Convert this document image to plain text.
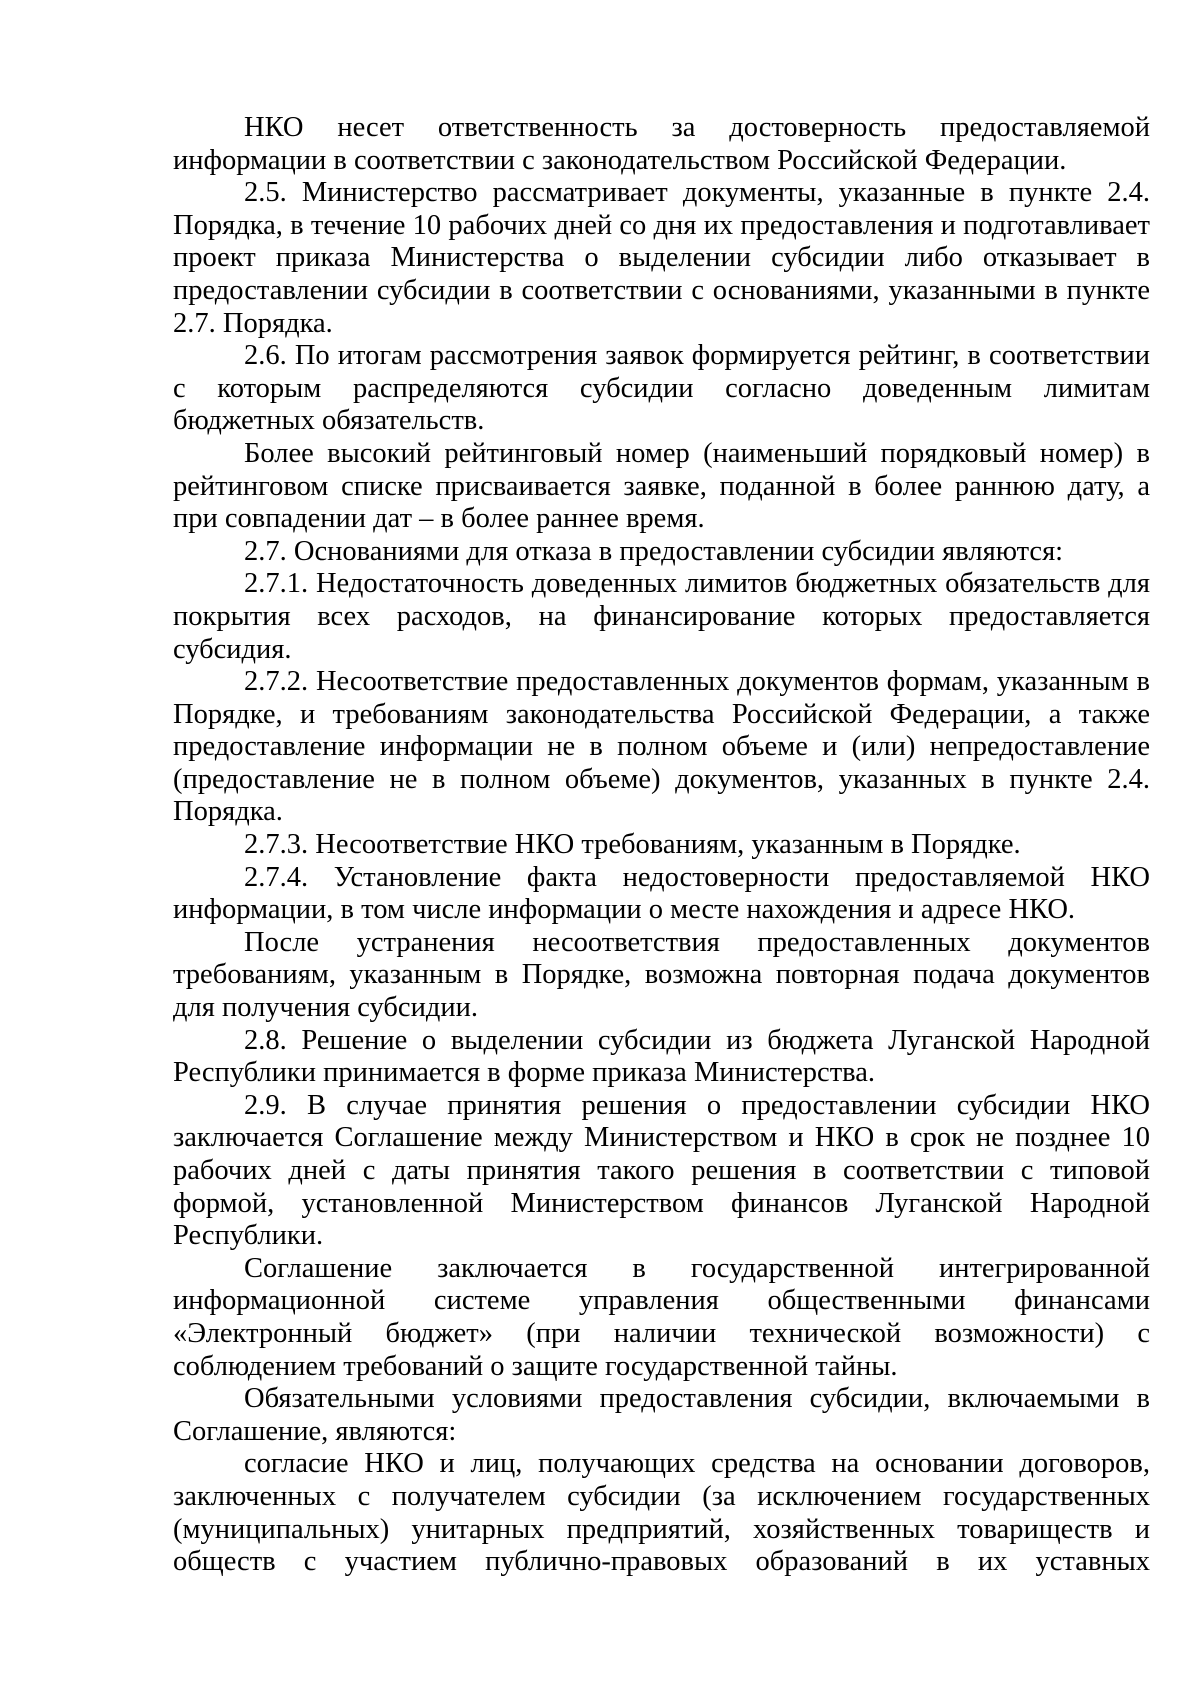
НКО несет ответственность за достоверность предоставляемой информации в соответствии с законодательством Российской Федерации.

2.5. Министерство рассматривает документы, указанные в пункте 2.4. Порядка, в течение 10 рабочих дней со дня их предоставления и подготавливает проект приказа Министерства о выделении субсидии либо отказывает в предоставлении субсидии в соответствии с основаниями, указанными в пункте 2.7. Порядка.

2.6. По итогам рассмотрения заявок формируется рейтинг, в соответствии с которым распределяются субсидии согласно доведенным лимитам бюджетных обязательств.

Более высокий рейтинговый номер (наименьший порядковый номер) в рейтинговом списке присваивается заявке, поданной в более раннюю дату, а при совпадении дат – в более раннее время.

2.7. Основаниями для отказа в предоставлении субсидии являются:

2.7.1. Недостаточность доведенных лимитов бюджетных обязательств для покрытия всех расходов, на финансирование которых предоставляется субсидия.

2.7.2. Несоответствие предоставленных документов формам, указанным в Порядке, и требованиям законодательства Российской Федерации, а также предоставление информации не в полном объеме и (или) непредоставление (предоставление не в полном объеме) документов, указанных в пункте 2.4. Порядка.

2.7.3. Несоответствие НКО требованиям, указанным в Порядке.

2.7.4. Установление факта недостоверности предоставляемой НКО информации, в том числе информации о месте нахождения и адресе НКО.

После устранения несоответствия предоставленных документов требованиям, указанным в Порядке, возможна повторная подача документов для получения субсидии.

2.8. Решение о выделении субсидии из бюджета Луганской Народной Республики принимается в форме приказа Министерства.

2.9. В случае принятия решения о предоставлении субсидии НКО заключается Соглашение между Министерством и НКО в срок не позднее 10 рабочих дней с даты принятия такого решения в соответствии с типовой формой, установленной Министерством финансов Луганской Народной Республики.

Соглашение заключается в государственной интегрированной информационной системе управления общественными финансами «Электронный бюджет» (при наличии технической возможности) с соблюдением требований о защите государственной тайны.

Обязательными условиями предоставления субсидии, включаемыми в Соглашение, являются:

согласие НКО и лиц, получающих средства на основании договоров, заключенных с получателем субсидии (за исключением государственных (муниципальных) унитарных предприятий, хозяйственных товариществ и обществ с участием публично-правовых образований в их уставных
